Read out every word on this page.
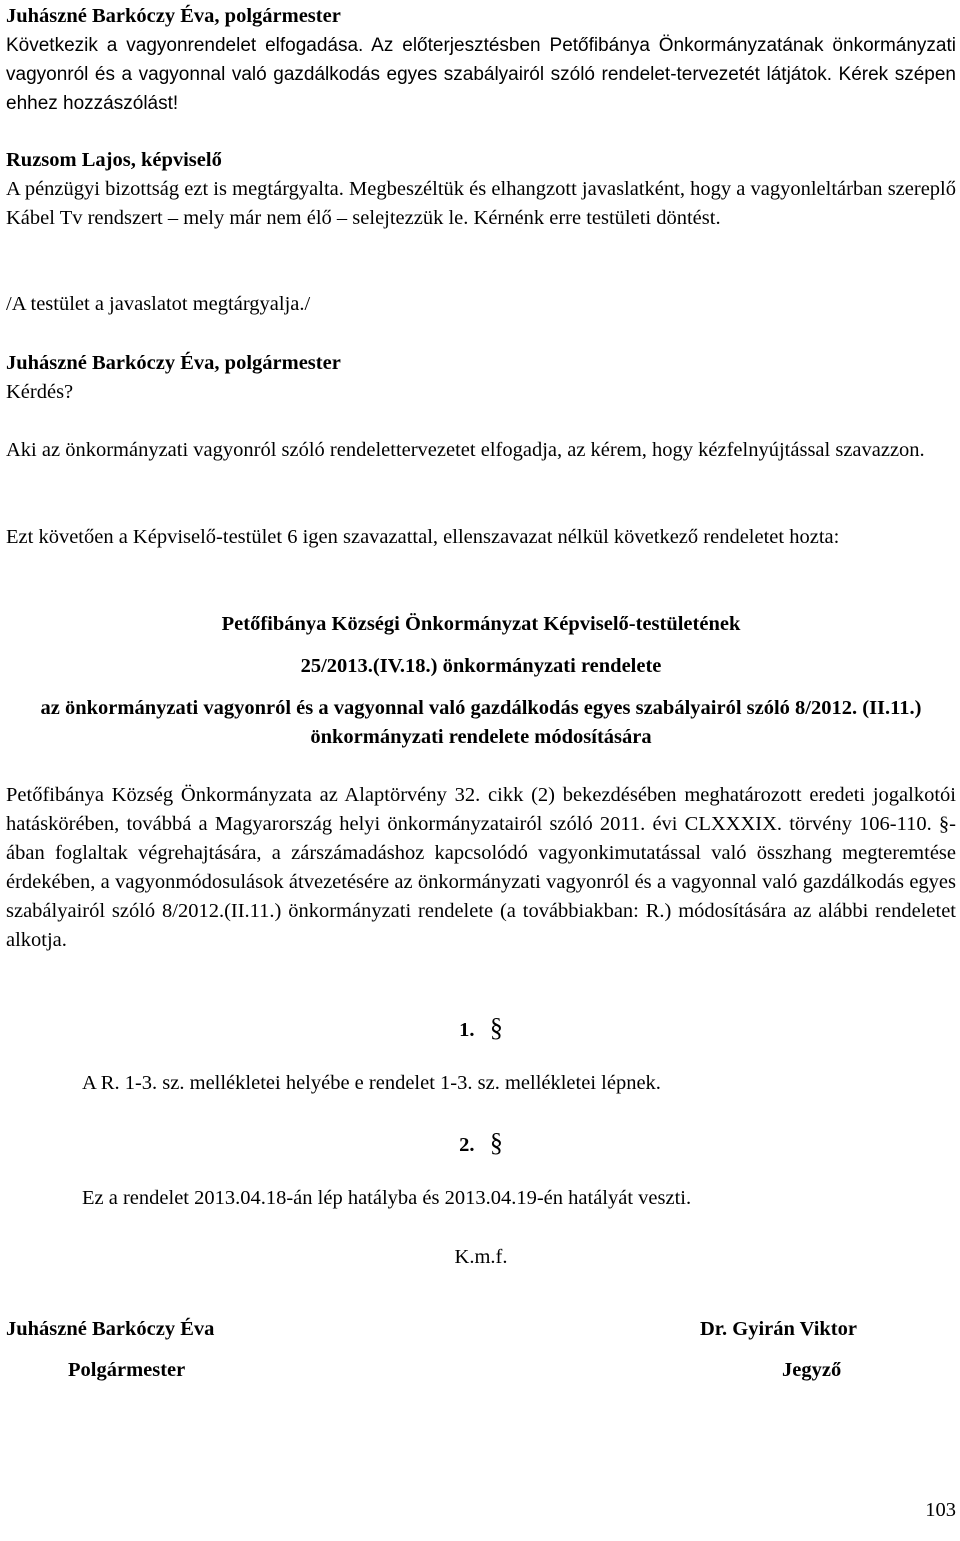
Juhászné Barkóczy Éva, polgármester

Következik a vagyonrendelet elfogadása. Az előterjesztésben Petőfibánya Önkormányzatának önkormányzati vagyonról és a vagyonnal való gazdálkodás egyes szabályairól szóló rendelet-tervezetét látjátok. Kérek szépen ehhez hozzászólást!

Ruzsom Lajos, képviselő

A pénzügyi bizottság ezt is megtárgyalta. Megbeszéltük és elhangzott javaslatként, hogy a vagyonleltárban szereplő Kábel Tv rendszert – mely már nem élő – selejtezzük le. Kérnénk erre testületi döntést.

/A testület a javaslatot megtárgyalja./

Juhászné Barkóczy Éva, polgármester

Kérdés?

Aki az önkormányzati vagyonról szóló rendelettervezetet elfogadja, az kérem, hogy kézfelnyújtással szavazzon.

Ezt követően a Képviselő-testület 6 igen szavazattal, ellenszavazat nélkül következő rendeletet hozta:

Petőfibánya Községi Önkormányzat Képviselő-testületének

25/2013.(IV.18.) önkormányzati rendelete

az önkormányzati vagyonról és a vagyonnal való gazdálkodás egyes szabályairól szóló 8/2012. (II.11.) önkormányzati rendelete módosítására

Petőfibánya Község Önkormányzata az Alaptörvény 32. cikk (2) bekezdésében meghatározott eredeti jogalkotói hatáskörében, továbbá a Magyarország helyi önkormányzatairól szóló 2011. évi CLXXXIX. törvény 106-110. §-ában foglaltak végrehajtására, a zárszámadáshoz kapcsolódó vagyonkimutatással való összhang megteremtése érdekében, a vagyonmódosulások átvezetésére az önkormányzati vagyonról és a vagyonnal való gazdálkodás egyes szabályairól szóló 8/2012.(II.11.) önkormányzati rendelete (a továbbiakban: R.) módosítására az alábbi rendeletet alkotja.

1. §

A R. 1-3. sz. mellékletei helyébe e rendelet 1-3. sz. mellékletei lépnek.

2. §

Ez a rendelet 2013.04.18-án lép hatályba és 2013.04.19-én hatályát veszti.

K.m.f.

Juhászné Barkóczy Éva

Polgármester

Dr. Gyirán Viktor

Jegyző

103
